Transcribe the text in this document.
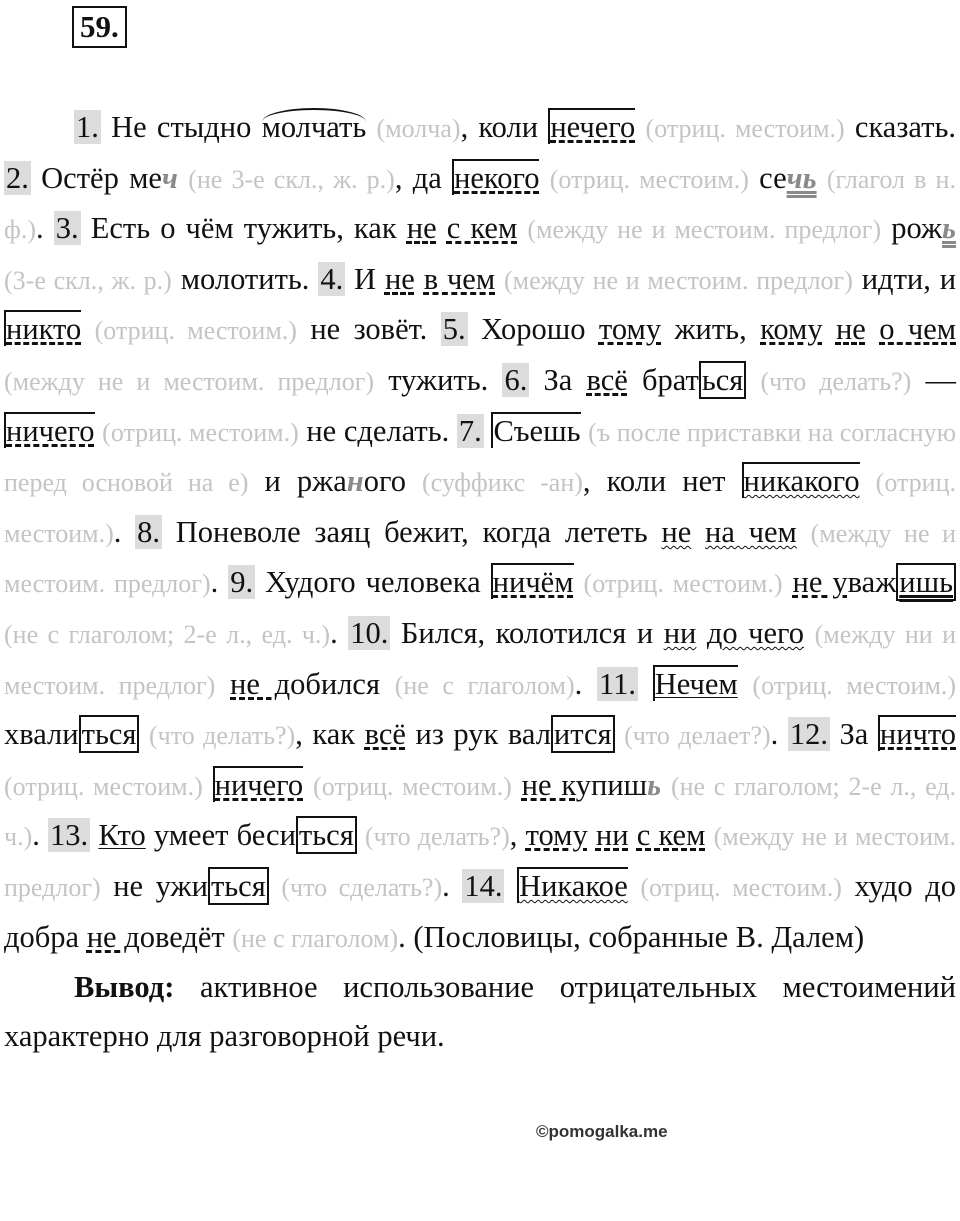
59.

1. Не стыдно молчать (молча), коли нечего (отриц. местоим.) сказать. 2. Остёр меч (не 3-е скл., ж. р.), да некого (отриц. местоим.) сечь (глагол в н. ф.). 3. Есть о чём тужить, как не с кем (между не и местоим. предлог) рожь (3-е скл., ж. р.) молотить. 4. И не в чем (между не и местоим. предлог) идти, и никто (отриц. местоим.) не зовёт. 5. Хорошо тому жить, кому не о чем (между не и местоим. предлог) тужить. 6. За всё браться (что делать?) — ничего (отриц. местоим.) не сделать. 7. Съешь (ъ после приставки на согласную перед основой на е) и ржаного (суффикс -ан), коли нет никакого (отриц. местоим.). 8. Поневоле заяц бежит, когда лететь не на чем (между не и местоим. предлог). 9. Худого человека ничём (отриц. местоим.) не уважишь (не с глаголом; 2-е л., ед. ч.). 10. Бился, колотился и ни до чего (между ни и местоим. предлог) не добился (не с глаголом). 11. Нечем (отриц. местоим.) хвалиться (что делать?), как всё из рук валится (что делает?). 12. За ничто (отриц. местоим.) ничего (отриц. местоим.) не купишь (не с глаголом; 2-е л., ед. ч.). 13. Кто умеет беситься (что делать?), тому ни с кем (между не и местоим. предлог) не ужиться (что сделать?). 14. Никакое (отриц. местоим.) худо до добра не доведёт (не с глаголом). (Пословицы, собранные В. Далем)

Вывод: активное использование отрицательных местоимений характерно для разговорной речи.

©pomogalka.me
